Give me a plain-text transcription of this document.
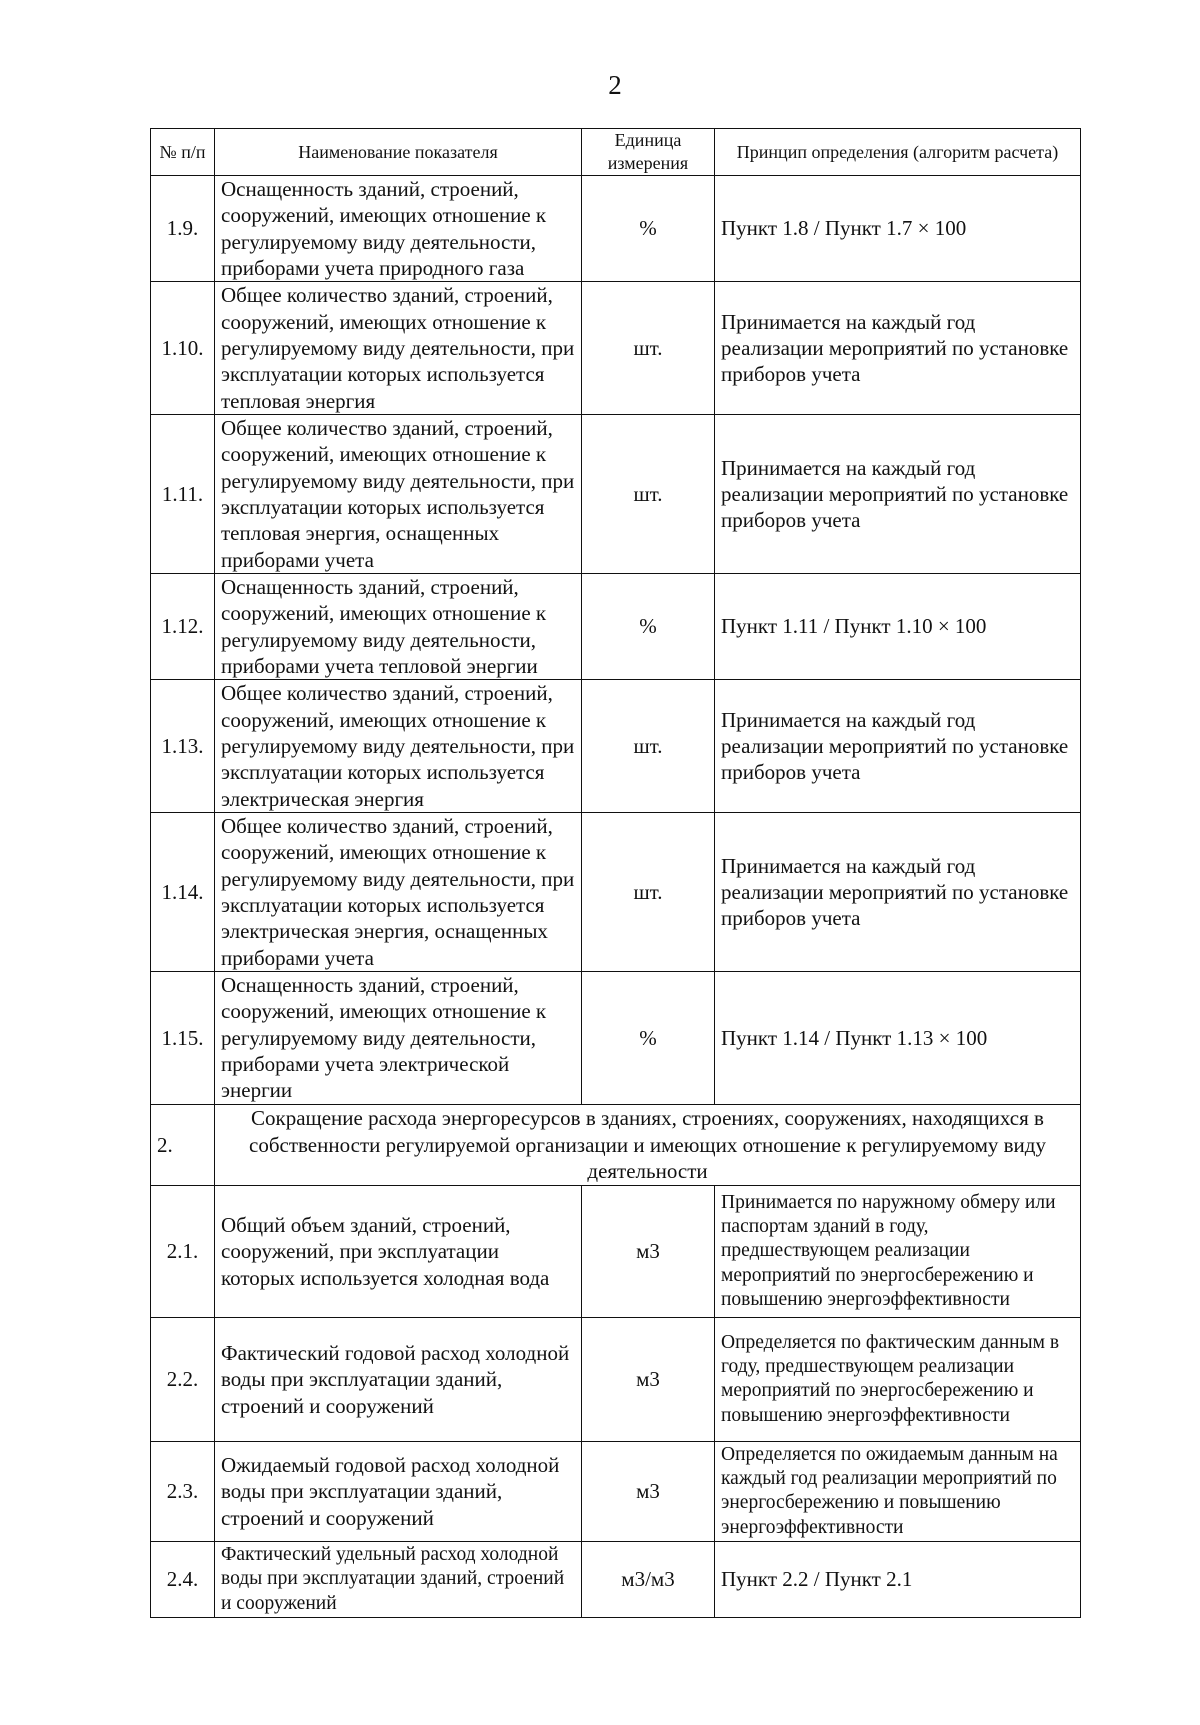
2
№ п/п	Наименование показателя	Единица измерения	Принцип определения (алгоритм расчета)
1.9.	Оснащенность зданий, строений, сооружений, имеющих отношение к регулируемому виду деятельности, приборами учета природного газа	%	Пункт 1.8 / Пункт 1.7 × 100
1.10.	Общее количество зданий, строений, сооружений, имеющих отношение к регулируемому виду деятельности, при эксплуатации которых используется тепловая энергия	шт.	Принимается на каждый год реализации мероприятий по установке приборов учета
1.11.	Общее количество зданий, строений, сооружений, имеющих отношение к регулируемому виду деятельности, при эксплуатации которых используется тепловая энергия, оснащенных приборами учета	шт.	Принимается на каждый год реализации мероприятий по установке приборов учета
1.12.	Оснащенность зданий, строений, сооружений, имеющих отношение к регулируемому виду деятельности, приборами учета тепловой энергии	%	Пункт 1.11 / Пункт 1.10 × 100
1.13.	Общее количество зданий, строений, сооружений, имеющих отношение к регулируемому виду деятельности, при эксплуатации которых используется электрическая энергия	шт.	Принимается на каждый год реализации мероприятий по установке приборов учета
1.14.	Общее количество зданий, строений, сооружений, имеющих отношение к регулируемому виду деятельности, при эксплуатации которых используется электрическая энергия, оснащенных приборами учета	шт.	Принимается на каждый год реализации мероприятий по установке приборов учета
1.15.	Оснащенность зданий, строений, сооружений, имеющих отношение к регулируемому виду деятельности, приборами учета электрической энергии	%	Пункт 1.14 / Пункт 1.13 × 100
2.	Сокращение расхода энергоресурсов в зданиях, строениях, сооружениях, находящихся в собственности регулируемой организации и имеющих отношение к регулируемому виду деятельности		
2.1.	Общий объем зданий, строений, сооружений, при эксплуатации которых используется холодная вода	м3	Принимается по наружному обмеру или паспортам зданий в году, предшествующем реализации мероприятий по энергосбережению и повышению энергоэффективности
2.2.	Фактический годовой расход холодной воды при эксплуатации зданий, строений и сооружений	м3	Определяется по фактическим данным в году, предшествующем реализации мероприятий по энергосбережению и повышению энергоэффективности
2.3.	Ожидаемый годовой расход холодной воды при эксплуатации зданий, строений и сооружений	м3	Определяется по ожидаемым данным на каждый год реализации мероприятий по энергосбережению и повышению энергоэффективности
2.4.	Фактический удельный расход холодной воды при эксплуатации зданий, строений и сооружений	м3/м3	Пункт 2.2 / Пункт 2.1
